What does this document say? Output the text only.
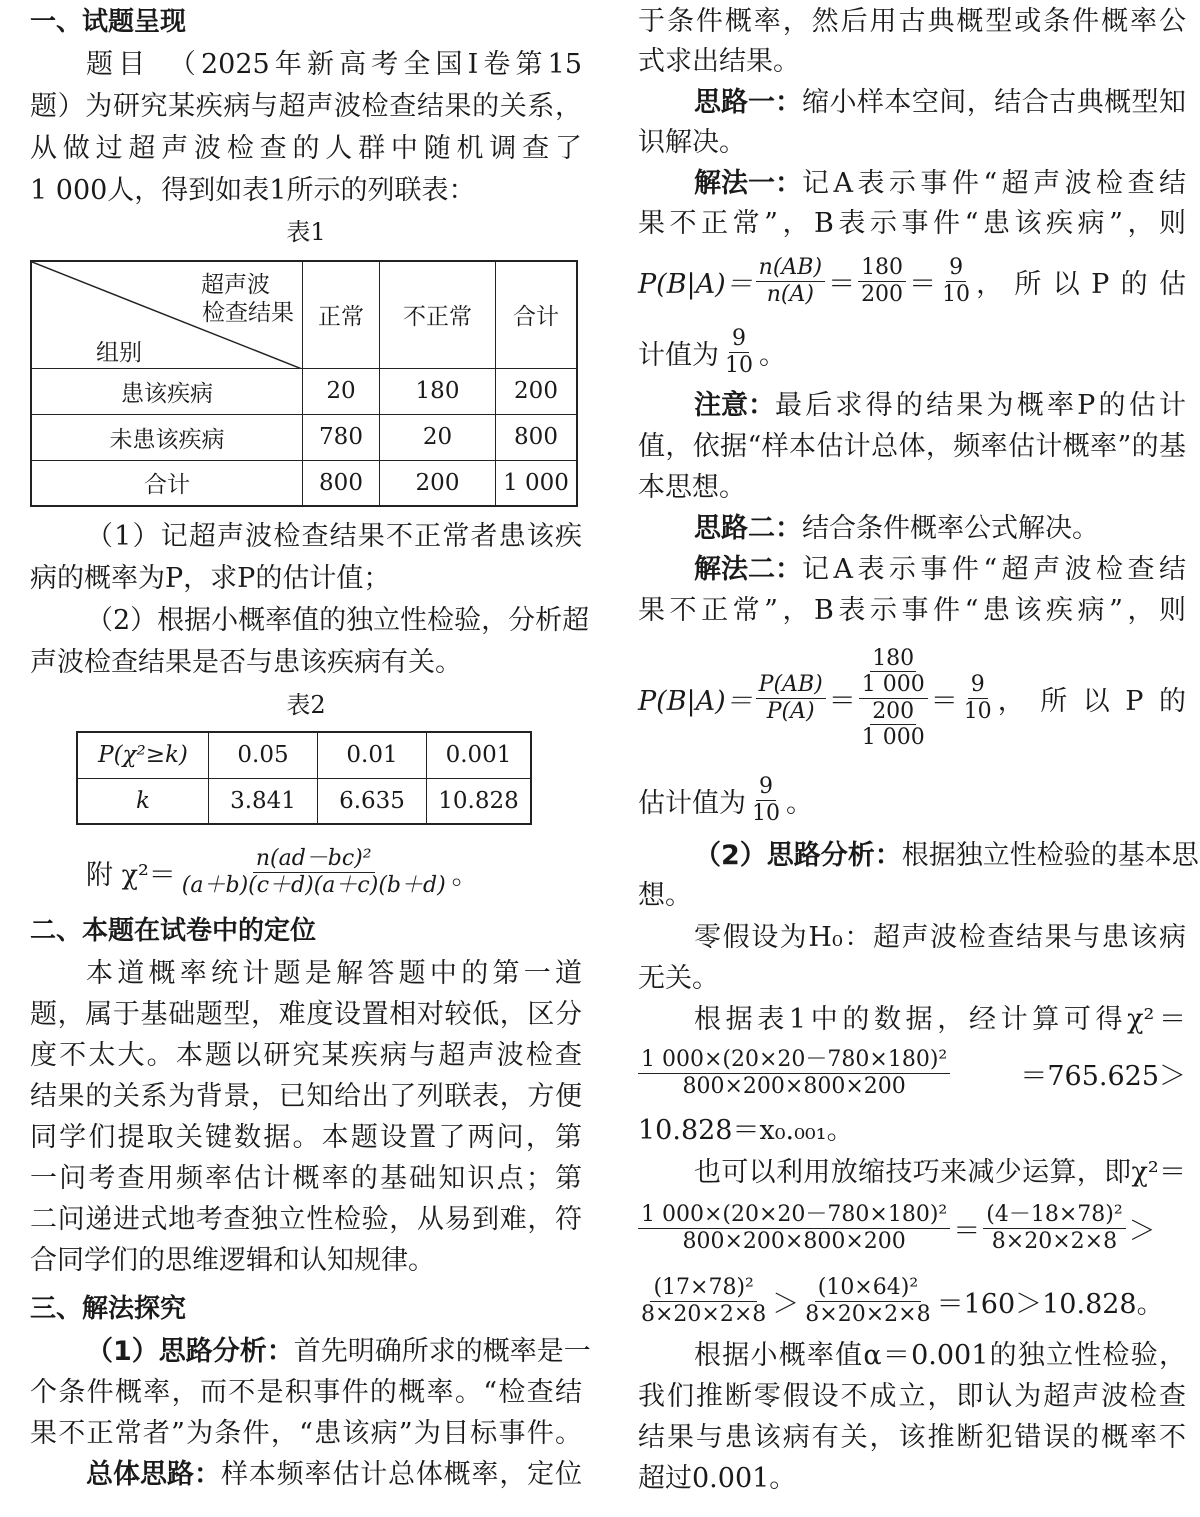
一、试题呈现
题目　（2025年新高考全国Ⅰ卷第15
题）为研究某疾病与超声波检查结果的关系，
从做过超声波检查的人群中随机调查了
1 000人，得到如表1所示的列联表：
表1
超声波
检查结果
组别	正常	不正常	合计
患该疾病	20	180	200
未患该疾病	780	20	800
合计	800	200	1 000
（1）记超声波检查结果不正常者患该疾
病的概率为P，求P的估计值；
（2）根据小概率值的独立性检验，分析超
声波检查结果是否与患该疾病有关。
表2
P(χ²≥k)	0.05	0.01	0.001
k	3.841	6.635	10.828
附 $\chi^2= \frac{\text{n(ad－bc)²}}{(a+b)(c+d)(a+c)(b+d)}$ 。
二、本题在试卷中的定位
本道概率统计题是解答题中的第一道
题，属于基础题型，难度设置相对较低，区分
度不太大。本题以研究某疾病与超声波检查
结果的关系为背景，已知给出了列联表，方便
同学们提取关键数据。本题设置了两问，第
一问考查用频率估计概率的基础知识点；第
二问递进式地考查独立性检验，从易到难，符
合同学们的思维逻辑和认知规律。
三、解法探究
（1）思路分析： 首先明确所求的概率是一
个条件概率，而不是积事件的概率。“检查结
果不正常者”为条件，“患该病”为目标事件。
总体思路： 样本频率估计总体概率，定位
于条件概率，然后用古典概型或条件概率公
式求出结果。
思路一： 缩小样本空间，结合古典概型知
识解决。
解法一： 记A表示事件“超声波检查结
果不正常”，B表示事件“患该疾病”，则
$P(B|A)= \frac{n(AB)}{n(A)} = \frac{180}{200} = \frac{9}{10}$ ，所以P的估
计值为 $\frac{9}{10}$ 。
注意： 最后求得的结果为概率P的估计
值，依据“样本估计总体，频率估计概率”的基
本思想。
思路二：结合条件概率公式解决。
解法二： 记A表示事件“超声波检查结
果不正常”，B表示事件“患该疾病”，则
$P(B|A)= \frac{P(AB)}{P(A)} = \frac{\frac{180}{1 000}}{\frac{200}{1 000}} = \frac{9}{10}$ ，所以P的
估计值为 $\frac{9}{10}$ 。
（2）思路分析： 根据独立性检验的基本思
想。
零假设为H₀：超声波检查结果与患该病
无关。
根据表1中的数据，经计算可得χ²＝
$\frac{\text{1 000×(20×20－780×180)²}}{800\times 200\times 800\times 200}$	＝765.625＞
10.828＝x₀.₀₀₁。
也可以利用放缩技巧来减少运算，即χ²＝
$\frac{\text{1 000×(20×20－780×180)²}}{800\times 200\times 800\times 200} = \frac{\text{(4－18×78)²}}{8\times 20\times 2\times 8}$ ＞
$\frac{\text{(17×78)²}}{8\times 20\times 2\times 8} > \frac{\text{(10×64)²}}{8\times 20\times 2\times 8} =160>10.828$。
根据小概率值α＝0.001的独立性检验，
我们推断零假设不成立，即认为超声波检查
结果与患该病有关，该推断犯错误的概率不
超过0.001。
